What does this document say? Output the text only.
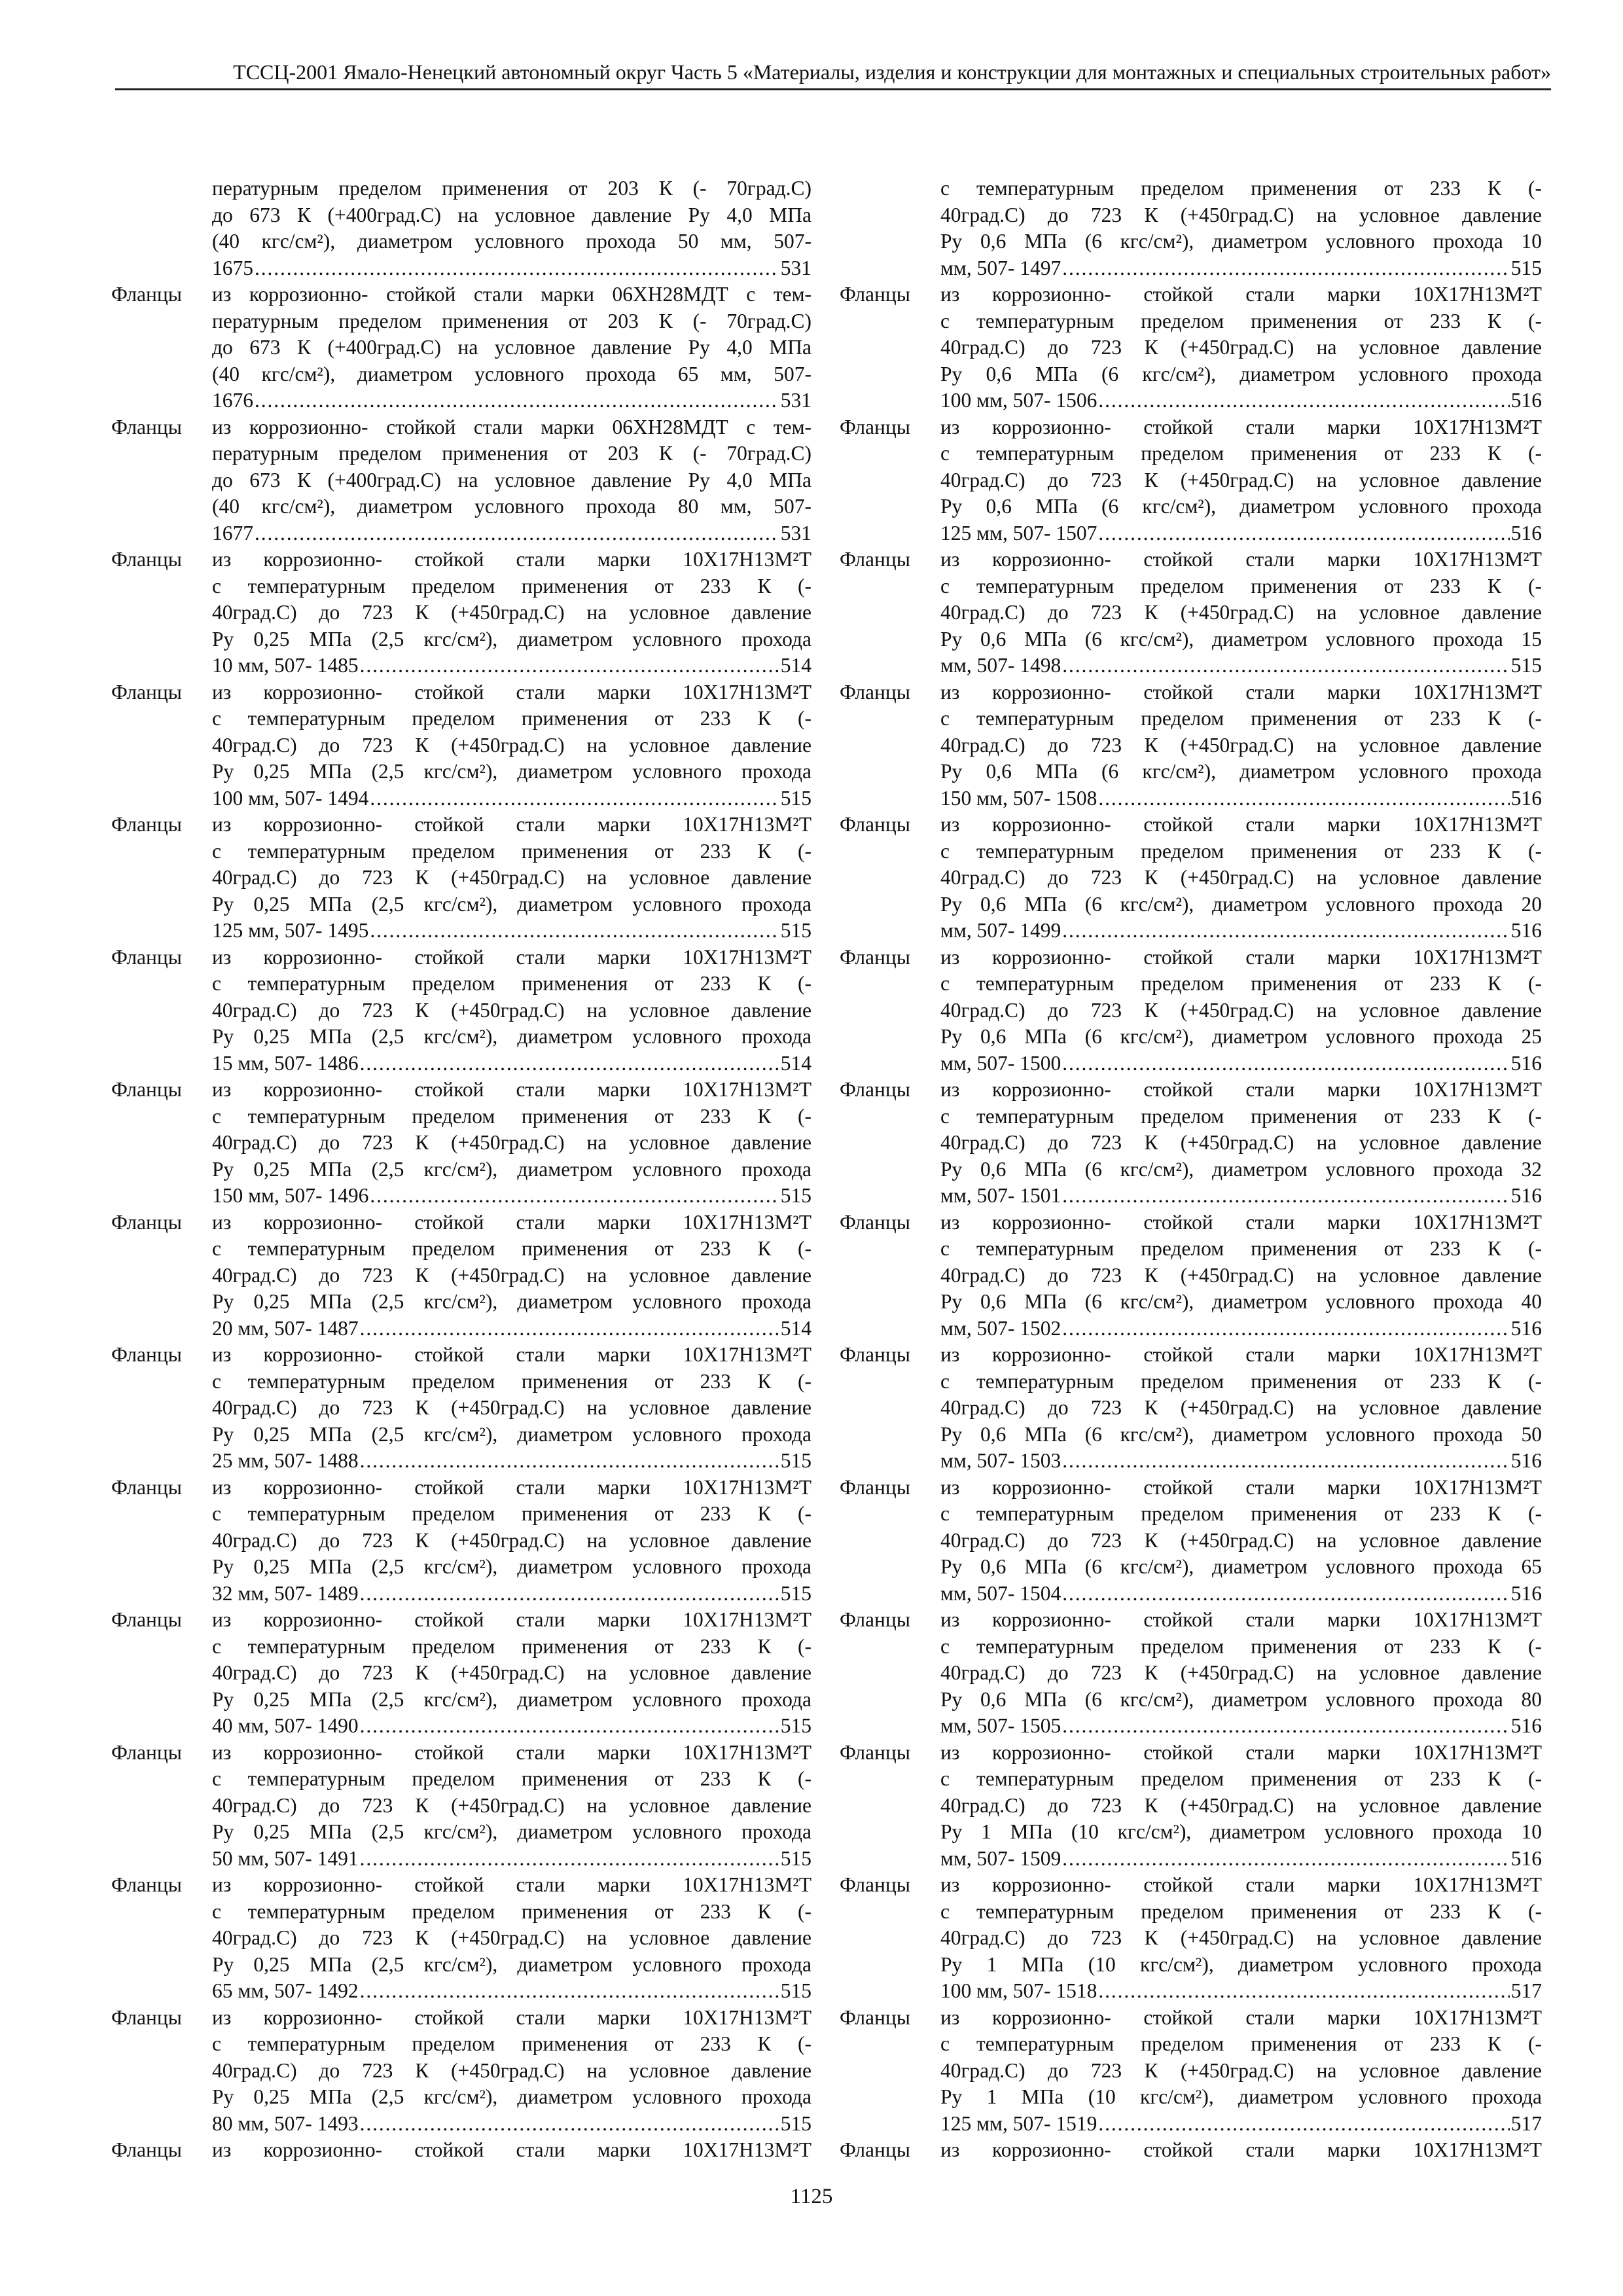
ТССЦ-2001 Ямало-Ненецкий автономный округ Часть 5 «Материалы, изделия и конструкции для монтажных и специальных строительных работ»

пературным пределом применения от 203 К (- 70град.С)

до 673 К (+400град.С) на условное давление Ру 4,0 МПа

(40 кгс/см²), диаметром условного прохода 50 мм, 507-

1675 . . .	531
Фланцы	из коррозионно- стойкой стали марки 06ХН28МДТ с тем-

пературным пределом применения от 203 К (- 70град.С)

до 673 К (+400град.С) на условное давление Ру 4,0 МПа

(40 кгс/см²), диаметром условного прохода 65 мм, 507-

1676 . . .	531
Фланцы	из коррозионно- стойкой стали марки 06ХН28МДТ с тем-

пературным пределом применения от 203 К (- 70град.С)

до 673 К (+400град.С) на условное давление Ру 4,0 МПа

(40 кгс/см²), диаметром условного прохода 80 мм, 507-

1677 . . .	531
Фланцы	из коррозионно- стойкой стали марки 10Х17Н13М²Т

с температурным пределом применения от 233 К (-

40град.С) до 723 К (+450град.С) на условное давление

Ру 0,25 МПа (2,5 кгс/см²), диаметром условного прохода

10 мм, 507- 1485 . . .	514
Фланцы	из коррозионно- стойкой стали марки 10Х17Н13М²Т

с температурным пределом применения от 233 К (-

40град.С) до 723 К (+450град.С) на условное давление

Ру 0,25 МПа (2,5 кгс/см²), диаметром условного прохода

100 мм, 507- 1494 . . .	515
Фланцы	из коррозионно- стойкой стали марки 10Х17Н13М²Т

с температурным пределом применения от 233 К (-

40град.С) до 723 К (+450град.С) на условное давление

Ру 0,25 МПа (2,5 кгс/см²), диаметром условного прохода

125 мм, 507- 1495 . . .	515
Фланцы	из коррозионно- стойкой стали марки 10Х17Н13М²Т

с температурным пределом применения от 233 К (-

40град.С) до 723 К (+450град.С) на условное давление

Ру 0,25 МПа (2,5 кгс/см²), диаметром условного прохода

15 мм, 507- 1486 . . .	514
Фланцы	из коррозионно- стойкой стали марки 10Х17Н13М²Т

с температурным пределом применения от 233 К (-

40град.С) до 723 К (+450град.С) на условное давление

Ру 0,25 МПа (2,5 кгс/см²), диаметром условного прохода

150 мм, 507- 1496 . . .	515
Фланцы	из коррозионно- стойкой стали марки 10Х17Н13М²Т

с температурным пределом применения от 233 К (-

40град.С) до 723 К (+450град.С) на условное давление

Ру 0,25 МПа (2,5 кгс/см²), диаметром условного прохода

20 мм, 507- 1487 . . .	514
Фланцы	из коррозионно- стойкой стали марки 10Х17Н13М²Т

с температурным пределом применения от 233 К (-

40град.С) до 723 К (+450град.С) на условное давление

Ру 0,25 МПа (2,5 кгс/см²), диаметром условного прохода

25 мм, 507- 1488 . . .	515
Фланцы	из коррозионно- стойкой стали марки 10Х17Н13М²Т

с температурным пределом применения от 233 К (-

40град.С) до 723 К (+450град.С) на условное давление

Ру 0,25 МПа (2,5 кгс/см²), диаметром условного прохода

32 мм, 507- 1489 . . .	515
Фланцы	из коррозионно- стойкой стали марки 10Х17Н13М²Т

с температурным пределом применения от 233 К (-

40град.С) до 723 К (+450град.С) на условное давление

Ру 0,25 МПа (2,5 кгс/см²), диаметром условного прохода

40 мм, 507- 1490 . . .	515
Фланцы	из коррозионно- стойкой стали марки 10Х17Н13М²Т

с температурным пределом применения от 233 К (-

40град.С) до 723 К (+450град.С) на условное давление

Ру 0,25 МПа (2,5 кгс/см²), диаметром условного прохода

50 мм, 507- 1491 . . .	515
Фланцы	из коррозионно- стойкой стали марки 10Х17Н13М²Т

с температурным пределом применения от 233 К (-

40град.С) до 723 К (+450град.С) на условное давление

Ру 0,25 МПа (2,5 кгс/см²), диаметром условного прохода

65 мм, 507- 1492 . . .	515
Фланцы	из коррозионно- стойкой стали марки 10Х17Н13М²Т

с температурным пределом применения от 233 К (-

40град.С) до 723 К (+450град.С) на условное давление

Ру 0,25 МПа (2,5 кгс/см²), диаметром условного прохода

80 мм, 507- 1493 . . .	515
Фланцы	из коррозионно- стойкой стали марки 10Х17Н13М²Т

с температурным пределом применения от 233 К (-

40град.С) до 723 К (+450град.С) на условное давление

Ру 0,6 МПа (6 кгс/см²), диаметром условного прохода 10

мм, 507- 1497 . . .	515
Фланцы	из коррозионно- стойкой стали марки 10Х17Н13М²Т

с температурным пределом применения от 233 К (-

40град.С) до 723 К (+450град.С) на условное давление

Ру 0,6 МПа (6 кгс/см²), диаметром условного прохода

100 мм, 507- 1506 . . .	516
Фланцы	из коррозионно- стойкой стали марки 10Х17Н13М²Т

с температурным пределом применения от 233 К (-

40град.С) до 723 К (+450град.С) на условное давление

Ру 0,6 МПа (6 кгс/см²), диаметром условного прохода

125 мм, 507- 1507 . . .	516
Фланцы	из коррозионно- стойкой стали марки 10Х17Н13М²Т

с температурным пределом применения от 233 К (-

40град.С) до 723 К (+450град.С) на условное давление

Ру 0,6 МПа (6 кгс/см²), диаметром условного прохода 15

мм, 507- 1498 . . .	515
Фланцы	из коррозионно- стойкой стали марки 10Х17Н13М²Т

с температурным пределом применения от 233 К (-

40град.С) до 723 К (+450град.С) на условное давление

Ру 0,6 МПа (6 кгс/см²), диаметром условного прохода

150 мм, 507- 1508 . . .	516
Фланцы	из коррозионно- стойкой стали марки 10Х17Н13М²Т

с температурным пределом применения от 233 К (-

40град.С) до 723 К (+450град.С) на условное давление

Ру 0,6 МПа (6 кгс/см²), диаметром условного прохода 20

мм, 507- 1499 . . .	516
Фланцы	из коррозионно- стойкой стали марки 10Х17Н13М²Т

с температурным пределом применения от 233 К (-

40град.С) до 723 К (+450град.С) на условное давление

Ру 0,6 МПа (6 кгс/см²), диаметром условного прохода 25

мм, 507- 1500 . . .	516
Фланцы	из коррозионно- стойкой стали марки 10Х17Н13М²Т

с температурным пределом применения от 233 К (-

40град.С) до 723 К (+450град.С) на условное давление

Ру 0,6 МПа (6 кгс/см²), диаметром условного прохода 32

мм, 507- 1501 . . .	516
Фланцы	из коррозионно- стойкой стали марки 10Х17Н13М²Т

с температурным пределом применения от 233 К (-

40град.С) до 723 К (+450град.С) на условное давление

Ру 0,6 МПа (6 кгс/см²), диаметром условного прохода 40

мм, 507- 1502 . . .	516
Фланцы	из коррозионно- стойкой стали марки 10Х17Н13М²Т

с температурным пределом применения от 233 К (-

40град.С) до 723 К (+450град.С) на условное давление

Ру 0,6 МПа (6 кгс/см²), диаметром условного прохода 50

мм, 507- 1503 . . .	516
Фланцы	из коррозионно- стойкой стали марки 10Х17Н13М²Т

с температурным пределом применения от 233 К (-

40град.С) до 723 К (+450град.С) на условное давление

Ру 0,6 МПа (6 кгс/см²), диаметром условного прохода 65

мм, 507- 1504 . . .	516
Фланцы	из коррозионно- стойкой стали марки 10Х17Н13М²Т

с температурным пределом применения от 233 К (-

40град.С) до 723 К (+450град.С) на условное давление

Ру 0,6 МПа (6 кгс/см²), диаметром условного прохода 80

мм, 507- 1505 . . .	516
Фланцы	из коррозионно- стойкой стали марки 10Х17Н13М²Т

с температурным пределом применения от 233 К (-

40град.С) до 723 К (+450град.С) на условное давление

Ру 1 МПа (10 кгс/см²), диаметром условного прохода 10

мм, 507- 1509 . . .	516
Фланцы	из коррозионно- стойкой стали марки 10Х17Н13М²Т

с температурным пределом применения от 233 К (-

40град.С) до 723 К (+450град.С) на условное давление

Ру 1 МПа (10 кгс/см²), диаметром условного прохода

100 мм, 507- 1518 . . .	517
Фланцы	из коррозионно- стойкой стали марки 10Х17Н13М²Т

с температурным пределом применения от 233 К (-

40град.С) до 723 К (+450град.С) на условное давление

Ру 1 МПа (10 кгс/см²), диаметром условного прохода

125 мм, 507- 1519 . . .	517
Фланцы	из коррозионно- стойкой стали марки 10Х17Н13М²Т
1125
